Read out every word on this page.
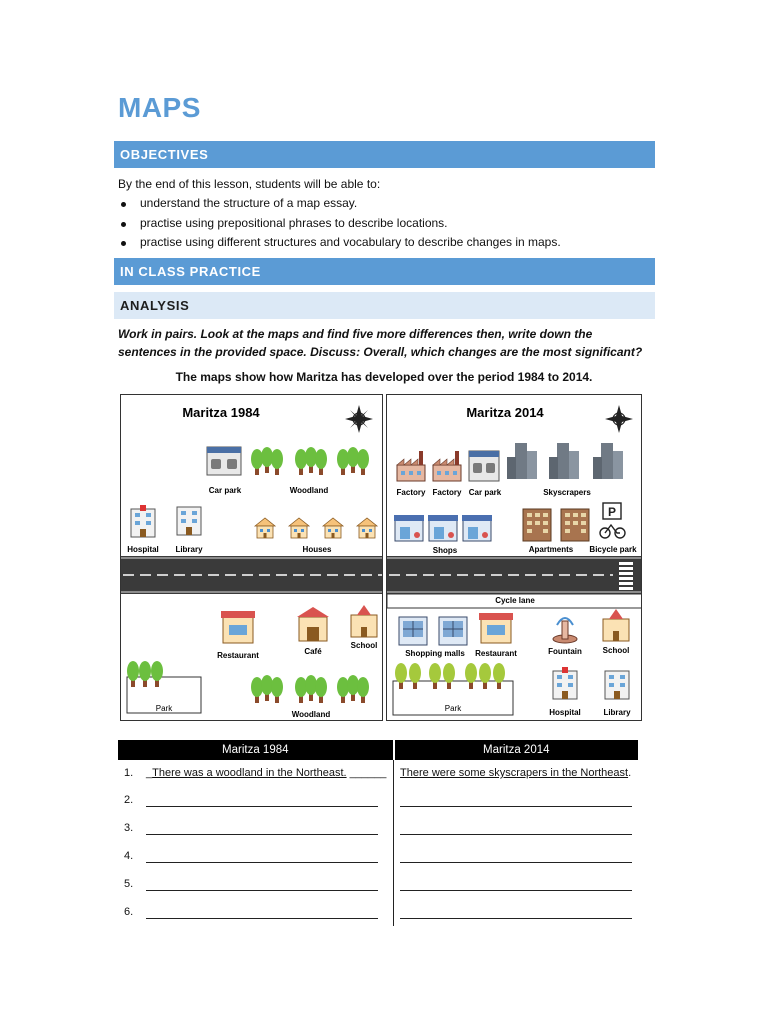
MAPS
OBJECTIVES
By the end of this lesson, students will be able to:
understand the structure of a map essay.
practise using prepositional phrases to describe locations.
practise using different structures and vocabulary to describe changes in maps.
IN CLASS PRACTICE
ANALYSIS
Work in pairs. Look at the maps and find five more differences then, write down the sentences in the provided space. Discuss: Overall, which changes are the most significant?
The maps show how Maritza has developed over the period 1984 to 2014.
Maritza 1984
Car park	Woodland
Hospital Library	Houses
Restaurant	Café
School
Park
Woodland
Maritza 2014
Factory Factory Car park	Skyscrapers
Shops	Apartments
P
Bicycle park
Cycle lane
Shopping malls Restaurant	Fountain	School
Park	Hospital	Library
Maritza 1984	Maritza 2014
1. _There was a woodland in the Northeast. ______	There were some skyscrapers in the Northeast.
2.	
3.	
4.	
5.	
6.	
